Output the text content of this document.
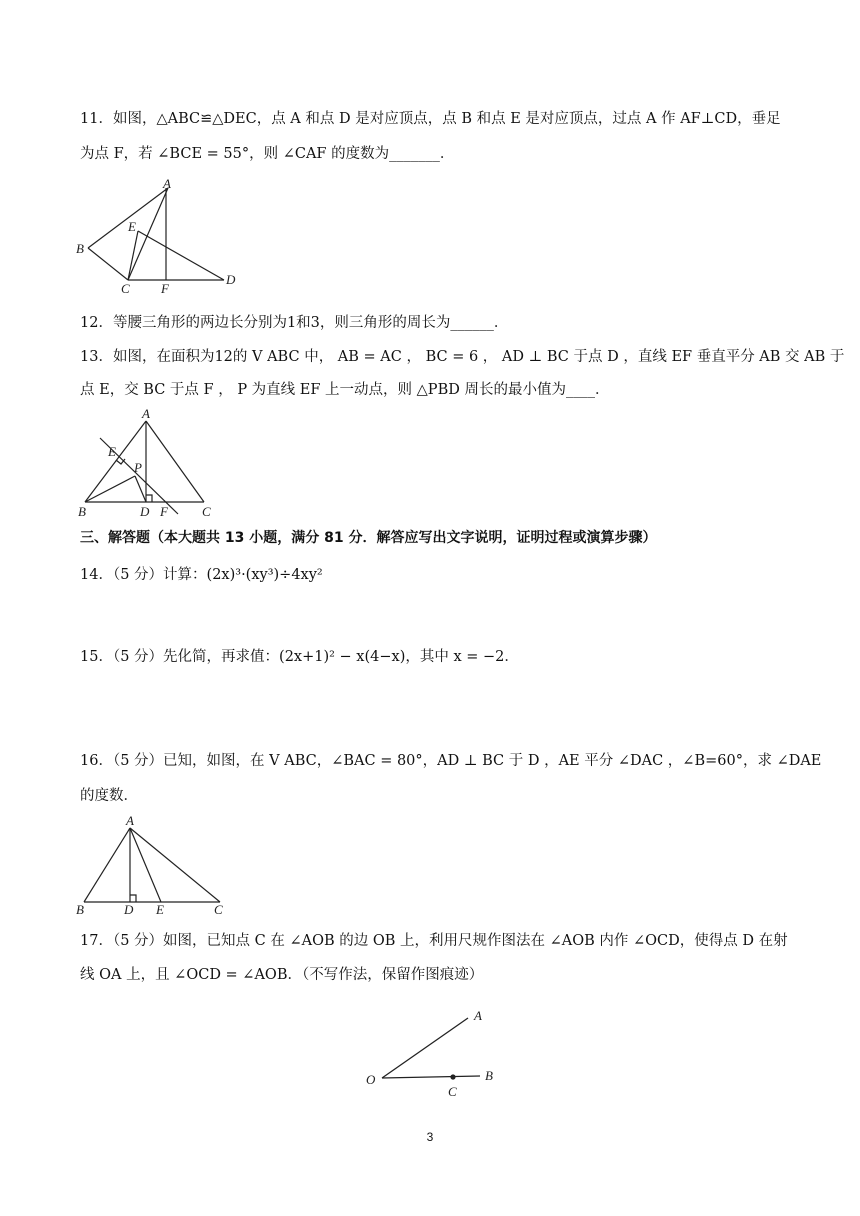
11．如图，△ABC≌△DEC，点 A 和点 D 是对应顶点，点 B 和点 E 是对应顶点，过点 A 作 AF⊥CD，垂足
为点 F，若 ∠BCE = 55°，则 ∠CAF 的度数为_______．
A
B
C
D
E
F
12．等腰三角形的两边长分别为1和3，则三角形的周长为______．
13．如图，在面积为12的 V ABC 中， AB = AC ， BC = 6 ， AD ⊥ BC 于点 D ，直线 EF 垂直平分 AB 交 AB 于
点 E，交 BC 于点 F ， P 为直线 EF 上一动点，则 △PBD 周长的最小值为____．
A
B	C
D
E
F
P
三、解答题（本大题共 13 小题，满分 81 分．解答应写出文字说明，证明过程或演算步骤）
14．（5 分）计算：(2x)³·(xy³)÷4xy²
15．（5 分）先化简，再求值：(2x+1)² − x(4−x)，其中 x = −2．
16．（5 分）已知，如图，在 V ABC，∠BAC = 80°，AD ⊥ BC 于 D ，AE 平分 ∠DAC ，∠B=60°，求 ∠DAE
的度数．
A
B	C
D E
17．（5 分）如图，已知点 C 在 ∠AOB 的边 OB 上，利用尺规作图法在 ∠AOB 内作 ∠OCD，使得点 D 在射
线 OA 上，且 ∠OCD = ∠AOB．（不写作法，保留作图痕迹）
O
A
B
C
3
